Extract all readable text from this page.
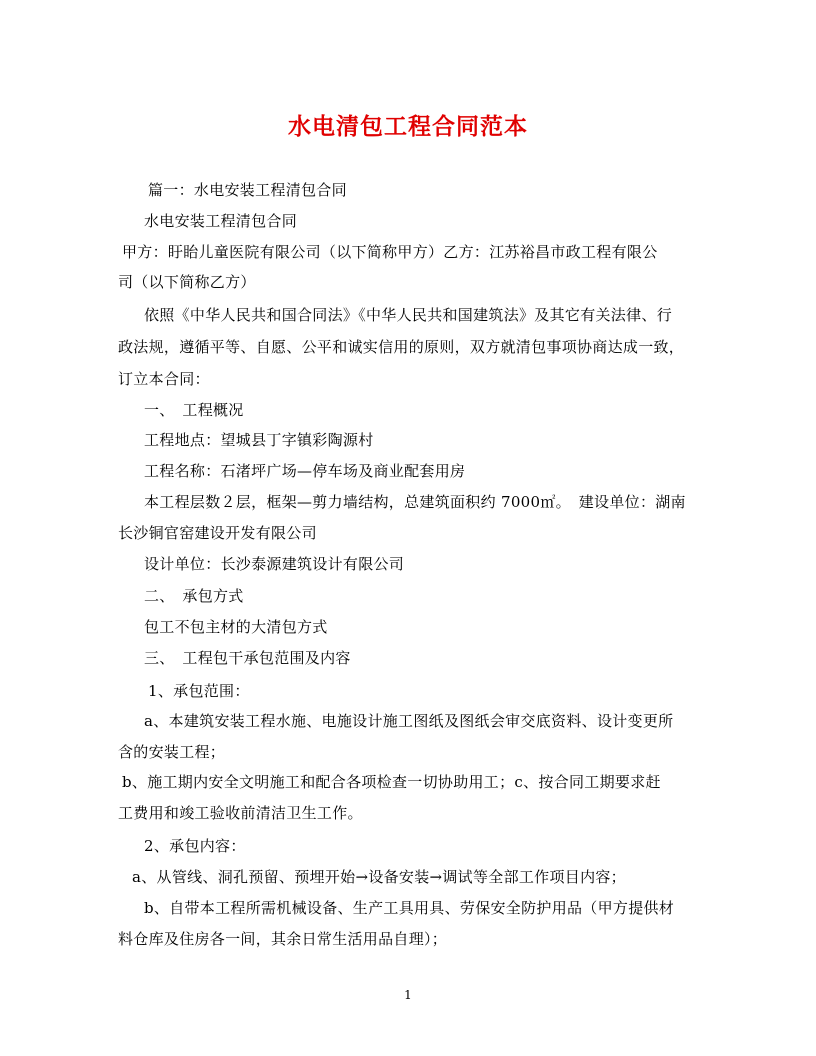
水电清包工程合同范本
篇一：水电安装工程清包合同
水电安装工程清包合同
甲方：盱眙儿童医院有限公司（以下简称甲方）乙方：江苏裕昌市政工程有限公
司（以下简称乙方）
依照《中华人民共和国合同法》《中华人民共和国建筑法》及其它有关法律、行
政法规，遵循平等、自愿、公平和诚实信用的原则，双方就清包事项协商达成一致，
订立本合同：
一、　工程概况
工程地点：望城县丁字镇彩陶源村
工程名称：石渚坪广场—停车场及商业配套用房
本工程层数２层，框架—剪力墙结构，总建筑面积约 7000㎡。　建设单位：湖南
长沙铜官窑建设开发有限公司
设计单位：长沙泰源建筑设计有限公司
二、　承包方式
包工不包主材的大清包方式
三、　工程包干承包范围及内容
1、承包范围：
a、本建筑安装工程水施、电施设计施工图纸及图纸会审交底资料、设计变更所
含的安装工程；
b、施工期内安全文明施工和配合各项检查一切协助用工；c、按合同工期要求赶
工费用和竣工验收前清洁卫生工作。
2、承包内容：
a、从管线、洞孔预留、预埋开始→设备安装→调试等全部工作项目内容；
b、自带本工程所需机械设备、生产工具用具、劳保安全防护用品（甲方提供材
料仓库及住房各一间，其余日常生活用品自理）；
1
